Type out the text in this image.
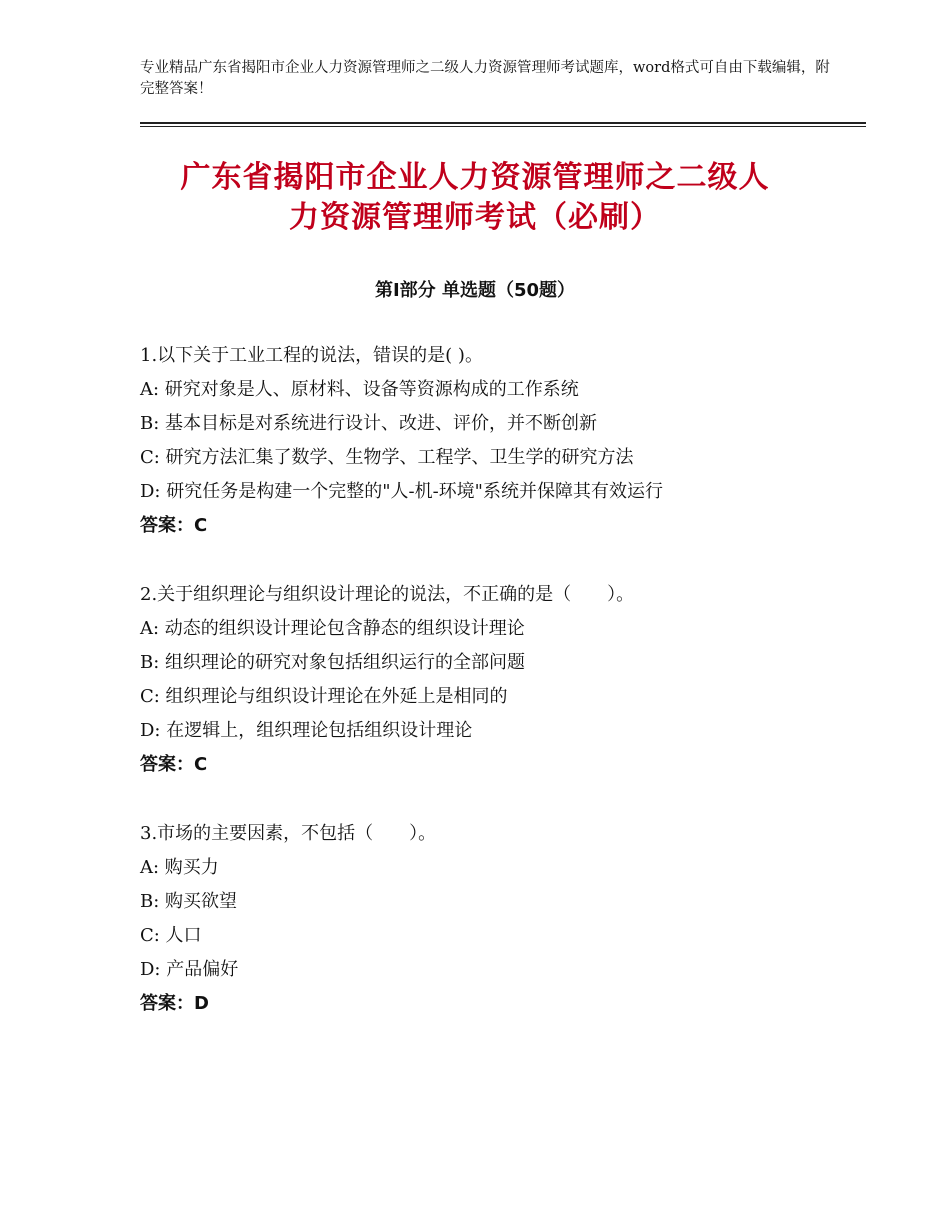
专业精品广东省揭阳市企业人力资源管理师之二级人力资源管理师考试题库，word格式可自由下载编辑，附完整答案！
广东省揭阳市企业人力资源管理师之二级人
力资源管理师考试（必刷）
第Ⅰ部分 单选题（50题）
1.以下关于工业工程的说法，错误的是( )。
A: 研究对象是人、原材料、设备等资源构成的工作系统
B: 基本目标是对系统进行设计、改进、评价，并不断创新
C: 研究方法汇集了数学、生物学、工程学、卫生学的研究方法
D: 研究任务是构建一个完整的"人-机-环境"系统并保障其有效运行
答案：C
2.关于组织理论与组织设计理论的说法，不正确的是（　　）。
A: 动态的组织设计理论包含静态的组织设计理论
B: 组织理论的研究对象包括组织运行的全部问题
C: 组织理论与组织设计理论在外延上是相同的
D: 在逻辑上，组织理论包括组织设计理论
答案：C
3.市场的主要因素，不包括（　　）。
A: 购买力
B: 购买欲望
C: 人口
D: 产品偏好
答案：D
